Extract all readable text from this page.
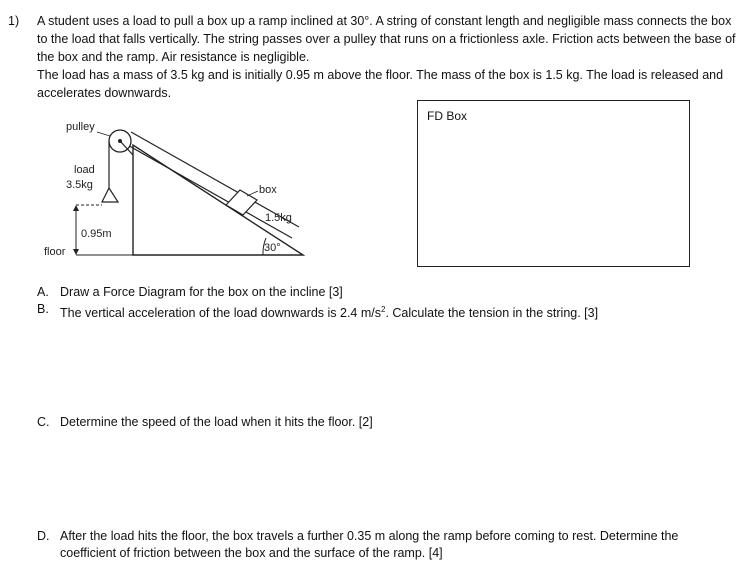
1) A student uses a load to pull a box up a ramp inclined at 30°. A string of constant length and negligible mass connects the box to the load that falls vertically. The string passes over a pulley that runs on a frictionless axle. Friction acts between the base of the box and the ramp. Air resistance is negligible.

The load has a mass of 3.5 kg and is initially 0.95 m above the floor. The mass of the box is 1.5 kg. The load is released and accelerates downwards.

pulley
load
3.5kg
0.95m
floor
box
1.5kg
30°
FD Box
A. Draw a Force Diagram for the box on the incline [3]
B. The vertical acceleration of the load downwards is 2.4 $m/s^2$. Calculate the tension in the string. [3]
C. Determine the speed of the load when it hits the floor. [2]
D. After the load hits the floor, the box travels a further 0.35 m along the ramp before coming to rest. Determine the coefficient of friction between the box and the surface of the ramp. [4]
